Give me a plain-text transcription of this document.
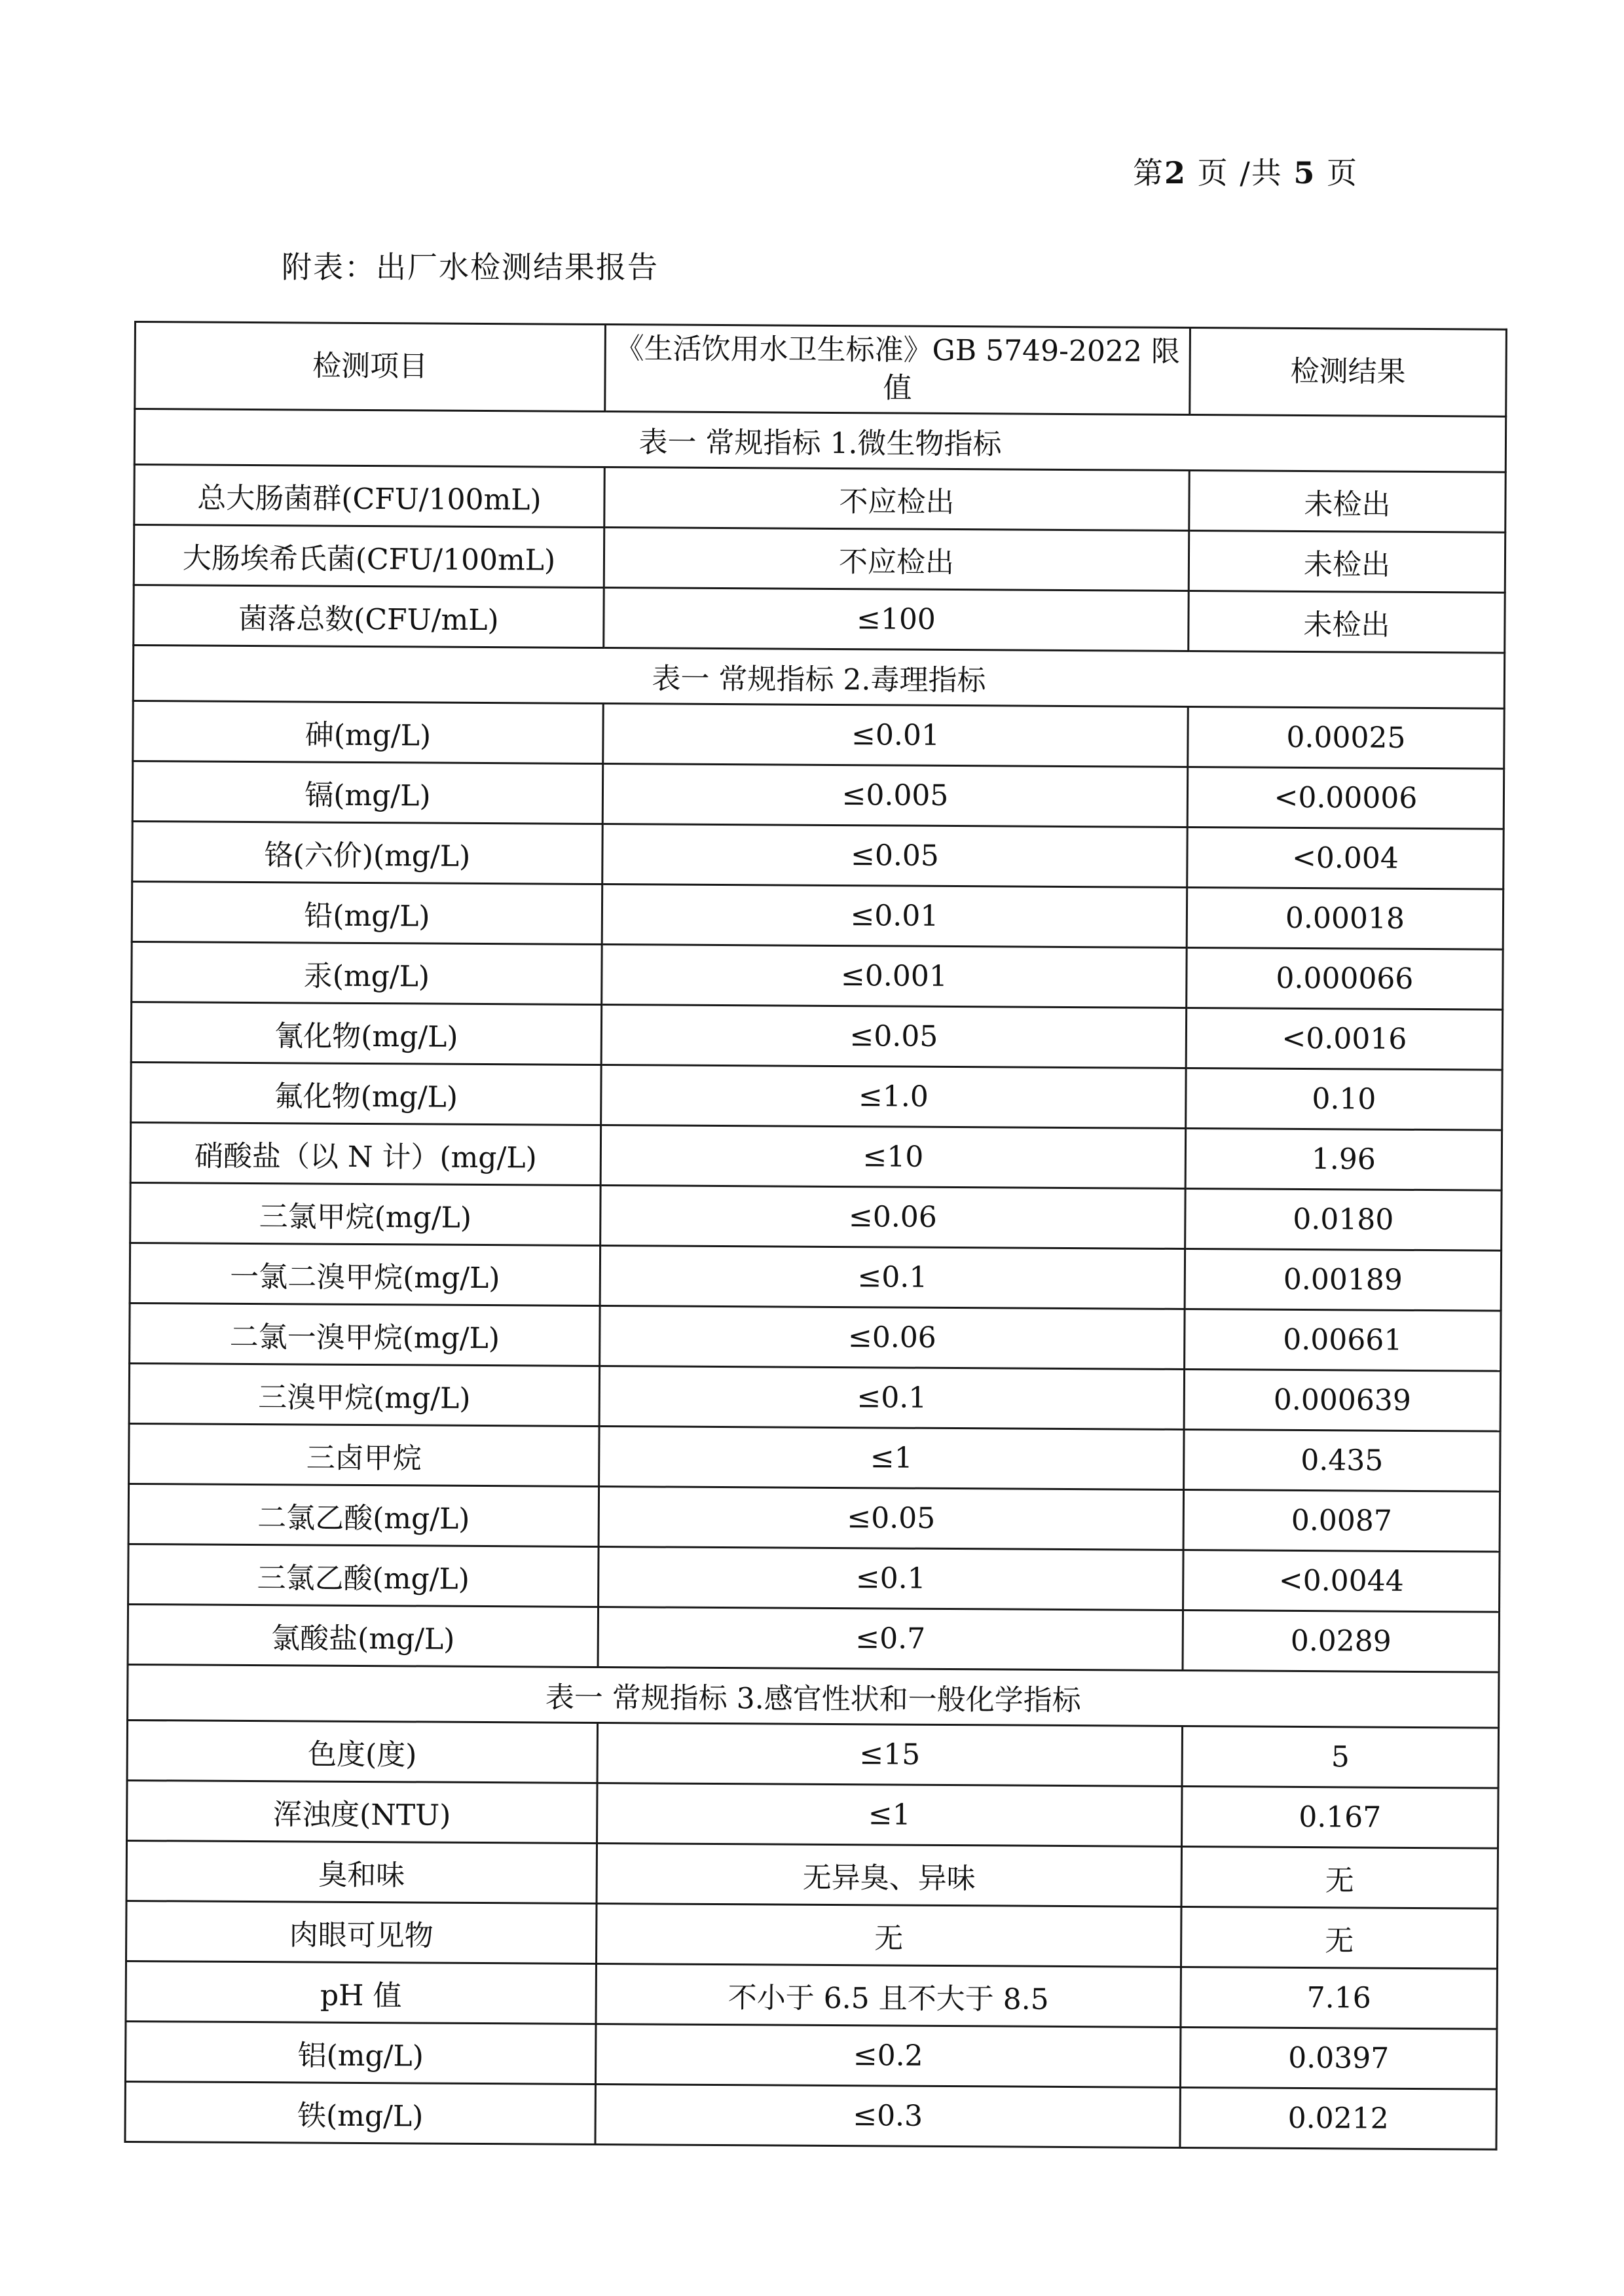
第2 页 /共 5 页
附表：出厂水检测结果报告
检测项目	《生活饮用水卫生标准》GB 5749-2022 限值	检测结果
表一 常规指标 1.微生物指标		
总大肠菌群(CFU/100mL)	不应检出	未检出
大肠埃希氏菌(CFU/100mL)	不应检出	未检出
菌落总数(CFU/mL)	≤100	未检出
表一 常规指标 2.毒理指标		
砷(mg/L)	≤0.01	0.00025
镉(mg/L)	≤0.005	<0.00006
铬(六价)(mg/L)	≤0.05	<0.004
铅(mg/L)	≤0.01	0.00018
汞(mg/L)	≤0.001	0.000066
氰化物(mg/L)	≤0.05	<0.0016
氟化物(mg/L)	≤1.0	0.10
硝酸盐（以 N 计）(mg/L)	≤10	1.96
三氯甲烷(mg/L)	≤0.06	0.0180
一氯二溴甲烷(mg/L)	≤0.1	0.00189
二氯一溴甲烷(mg/L)	≤0.06	0.00661
三溴甲烷(mg/L)	≤0.1	0.000639
三卤甲烷	≤1	0.435
二氯乙酸(mg/L)	≤0.05	0.0087
三氯乙酸(mg/L)	≤0.1	<0.0044
氯酸盐(mg/L)	≤0.7	0.0289
表一 常规指标 3.感官性状和一般化学指标		
色度(度)	≤15	5
浑浊度(NTU)	≤1	0.167
臭和味	无异臭、异味	无
肉眼可见物	无	无
pH 值	不小于 6.5 且不大于 8.5	7.16
铝(mg/L)	≤0.2	0.0397
铁(mg/L)	≤0.3	0.0212
